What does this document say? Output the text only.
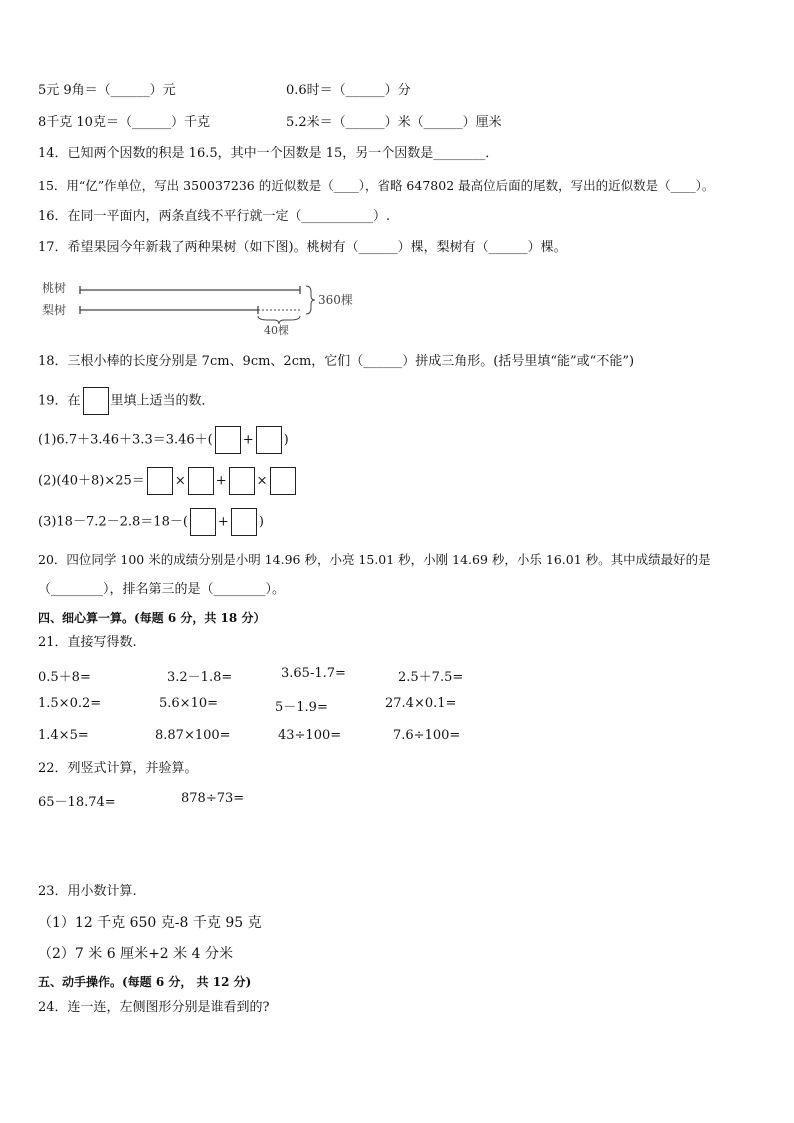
5元 9角＝（______）元	0.6时＝（______）分
8千克 10克＝（______）千克	5.2米＝（______）米（______）厘米
14．已知两个因数的积是 16.5，其中一个因数是 15，另一个因数是________．
15．用“亿”作单位，写出 350037236 的近似数是（____），省略 647802 最高位后面的尾数，写出的近似数是（____）。
16．在同一平面内，两条直线不平行就一定（___________）.
17．希望果园今年新栽了两种果树（如下图)。桃树有（______）棵，梨树有（______）棵。
桃树
梨树
40棵
360棵
18．三根小棒的长度分别是 7cm、9cm、2cm，它们（______）拼成三角形。(括号里填“能”或“不能”)
19．在 里填上适当的数．
(1)6.7＋3.46＋3.3＝3.46＋( + )
(2)(40＋8)×25＝ × + ×
(3)18－7.2－2.8＝18－( + )
20．四位同学 100 米的成绩分别是小明 14.96 秒，小亮 15.01 秒，小刚 14.69 秒，小乐 16.01 秒。其中成绩最好的是
（________），排名第三的是（________）。
四、细心算一算。(每题 6 分，共 18 分）
21．直接写得数.
0.5＋8=	3.2－1.8=	3.65-1.7=	2.5＋7.5=
1.5×0.2=	5.6×10=	5－1.9=	27.4×0.1=
1.4×5=	8.87×100=	43÷100=	7.6÷100=
22．列竖式计算，并验算。
65－18.74=	878÷73=
23．用小数计算.
（1）12 千克 650 克-8 千克 95 克
（2）7 米 6 厘米+2 米 4 分米
五、动手操作。(每题 6 分， 共 12 分)
24．连一连，左侧图形分别是谁看到的?
